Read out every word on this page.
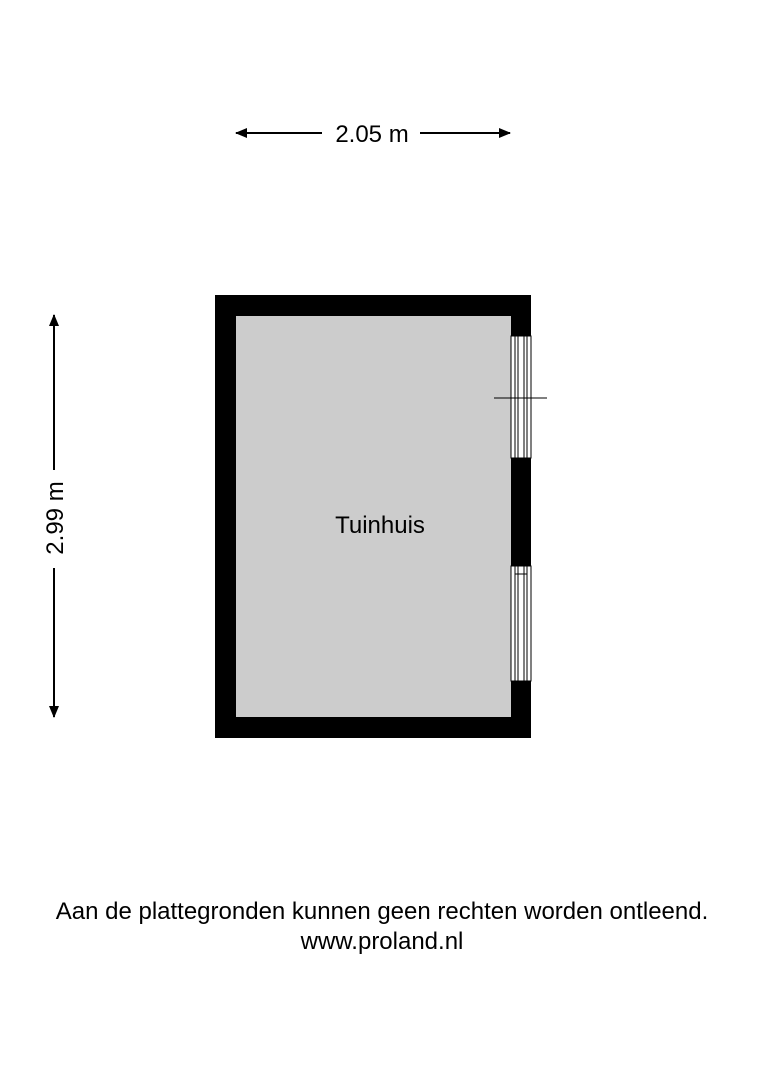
2.05 m
2.99 m	Tuinhuis
Aan de plattegronden kunnen geen rechten worden ontleend.
www.proland.nl
